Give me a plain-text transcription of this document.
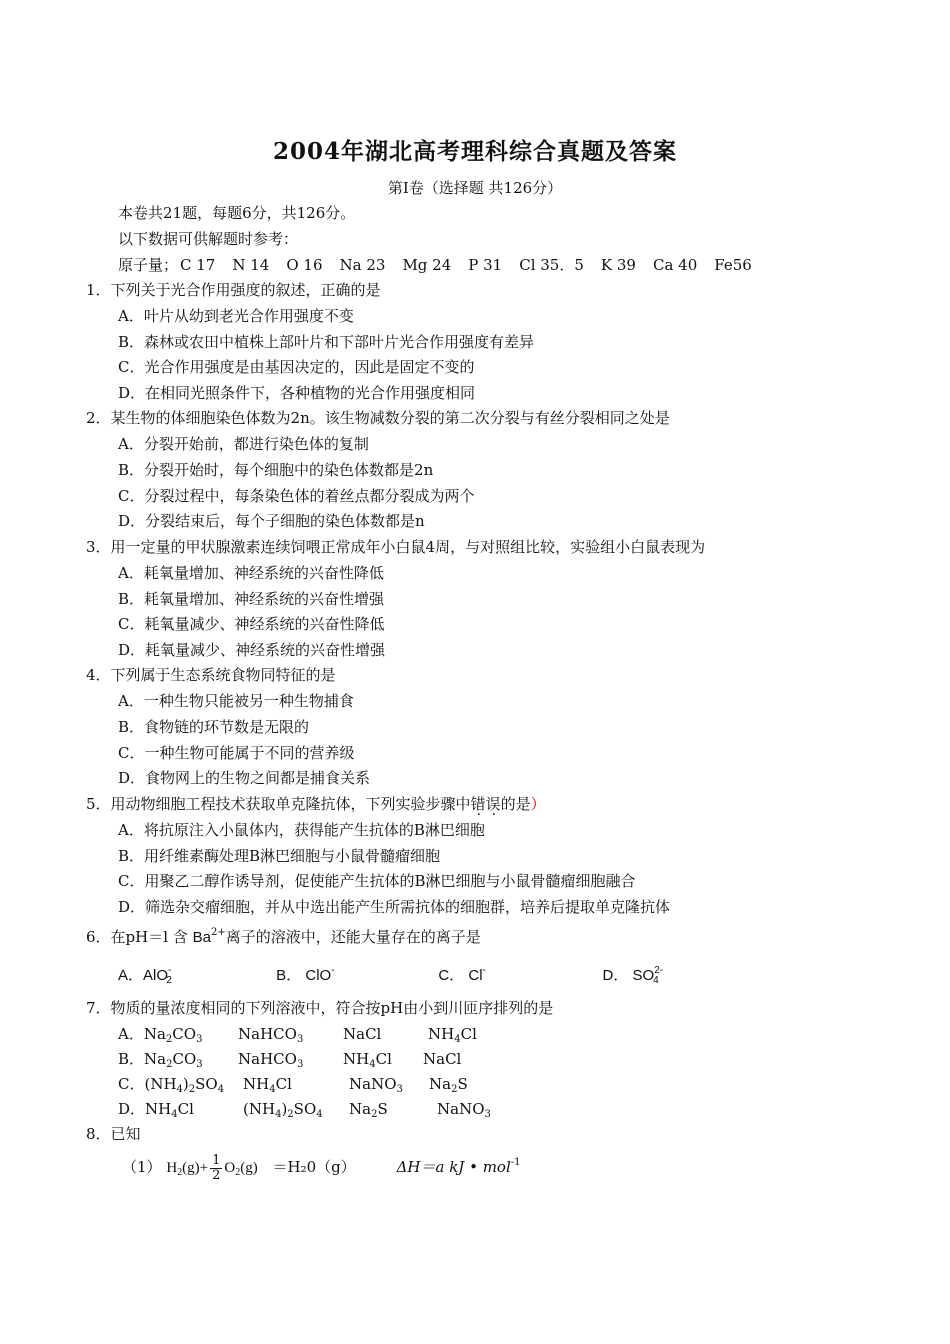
2004年湖北高考理科综合真题及答案
第Ⅰ卷（选择题 共126分）
本卷共21题，每题6分，共126分。
以下数据可供解题时参考：
原子量； C 17 N 14 O 16 Na 23 Mg 24 P 31 Cl 35．5 K 39 Ca 40 Fe56
1．下列关于光合作用强度的叙述，正确的是
A．叶片从幼到老光合作用强度不变
B．森林或农田中植株上部叶片和下部叶片光合作用强度有差异
C．光合作用强度是由基因决定的，因此是固定不变的
D．在相同光照条件下，各种植物的光合作用强度相同
2．某生物的体细胞染色体数为2n。该生物减数分裂的第二次分裂与有丝分裂相同之处是
A．分裂开始前，都进行染色体的复制
B．分裂开始时，每个细胞中的染色体数都是2n
C．分裂过程中，每条染色体的着丝点都分裂成为两个
D．分裂结束后，每个子细胞的染色体数都是n
3．用一定量的甲状腺激素连续饲喂正常成年小白鼠4周，与对照组比较，实验组小白鼠表现为
A．耗氧量增加、神经系统的兴奋性降低
B．耗氧量增加、神经系统的兴奋性增强
C．耗氧量减少、神经系统的兴奋性降低
D．耗氧量减少、神经系统的兴奋性增强
4．下列属于生态系统食物同特征的是
A．一种生物只能被另一种生物捕食
B．食物链的环节数是无限的
C．一种生物可能属于不同的营养级
D．食物网上的生物之间都是捕食关系
5．用动物细胞工程技术获取单克隆抗体，下列实验步骤中错误的是）
A．将抗原注入小鼠体内，获得能产生抗体的B淋巴细胞
B．用纤维素酶处理B淋巴细胞与小鼠骨髓瘤细胞
C．用聚乙二醇作诱导剂，促使能产生抗体的B淋巴细胞与小鼠骨髓瘤细胞融合
D．筛选杂交瘤细胞，并从中选出能产生所需抗体的细胞群，培养后提取单克隆抗体
6．在pH＝l 含 $Ba^{2+}$离子的溶液中，还能大量存在的离子是
A．AlO-2	B． ClO-	C． Cl-	D． SO2-4
7．物质的量浓度相同的下列溶液中，符合按pH由小到川匝序排列的是
A．Na2CO3 NaHCO3	NaCl	NH4Cl
B．Na2CO3 NaHCO3	NH4Cl NaCl
C．(NH4)2SO4 NH4Cl	NaNO3 Na2S
D．NH4Cl	(NH4)2SO4 Na2S	NaNO3
8．已知
（1） $H_2(g)+ \frac{1}{2} O_2(g) =H_20(g)$	ΔH＝a kJ • mol$^{-1}$
